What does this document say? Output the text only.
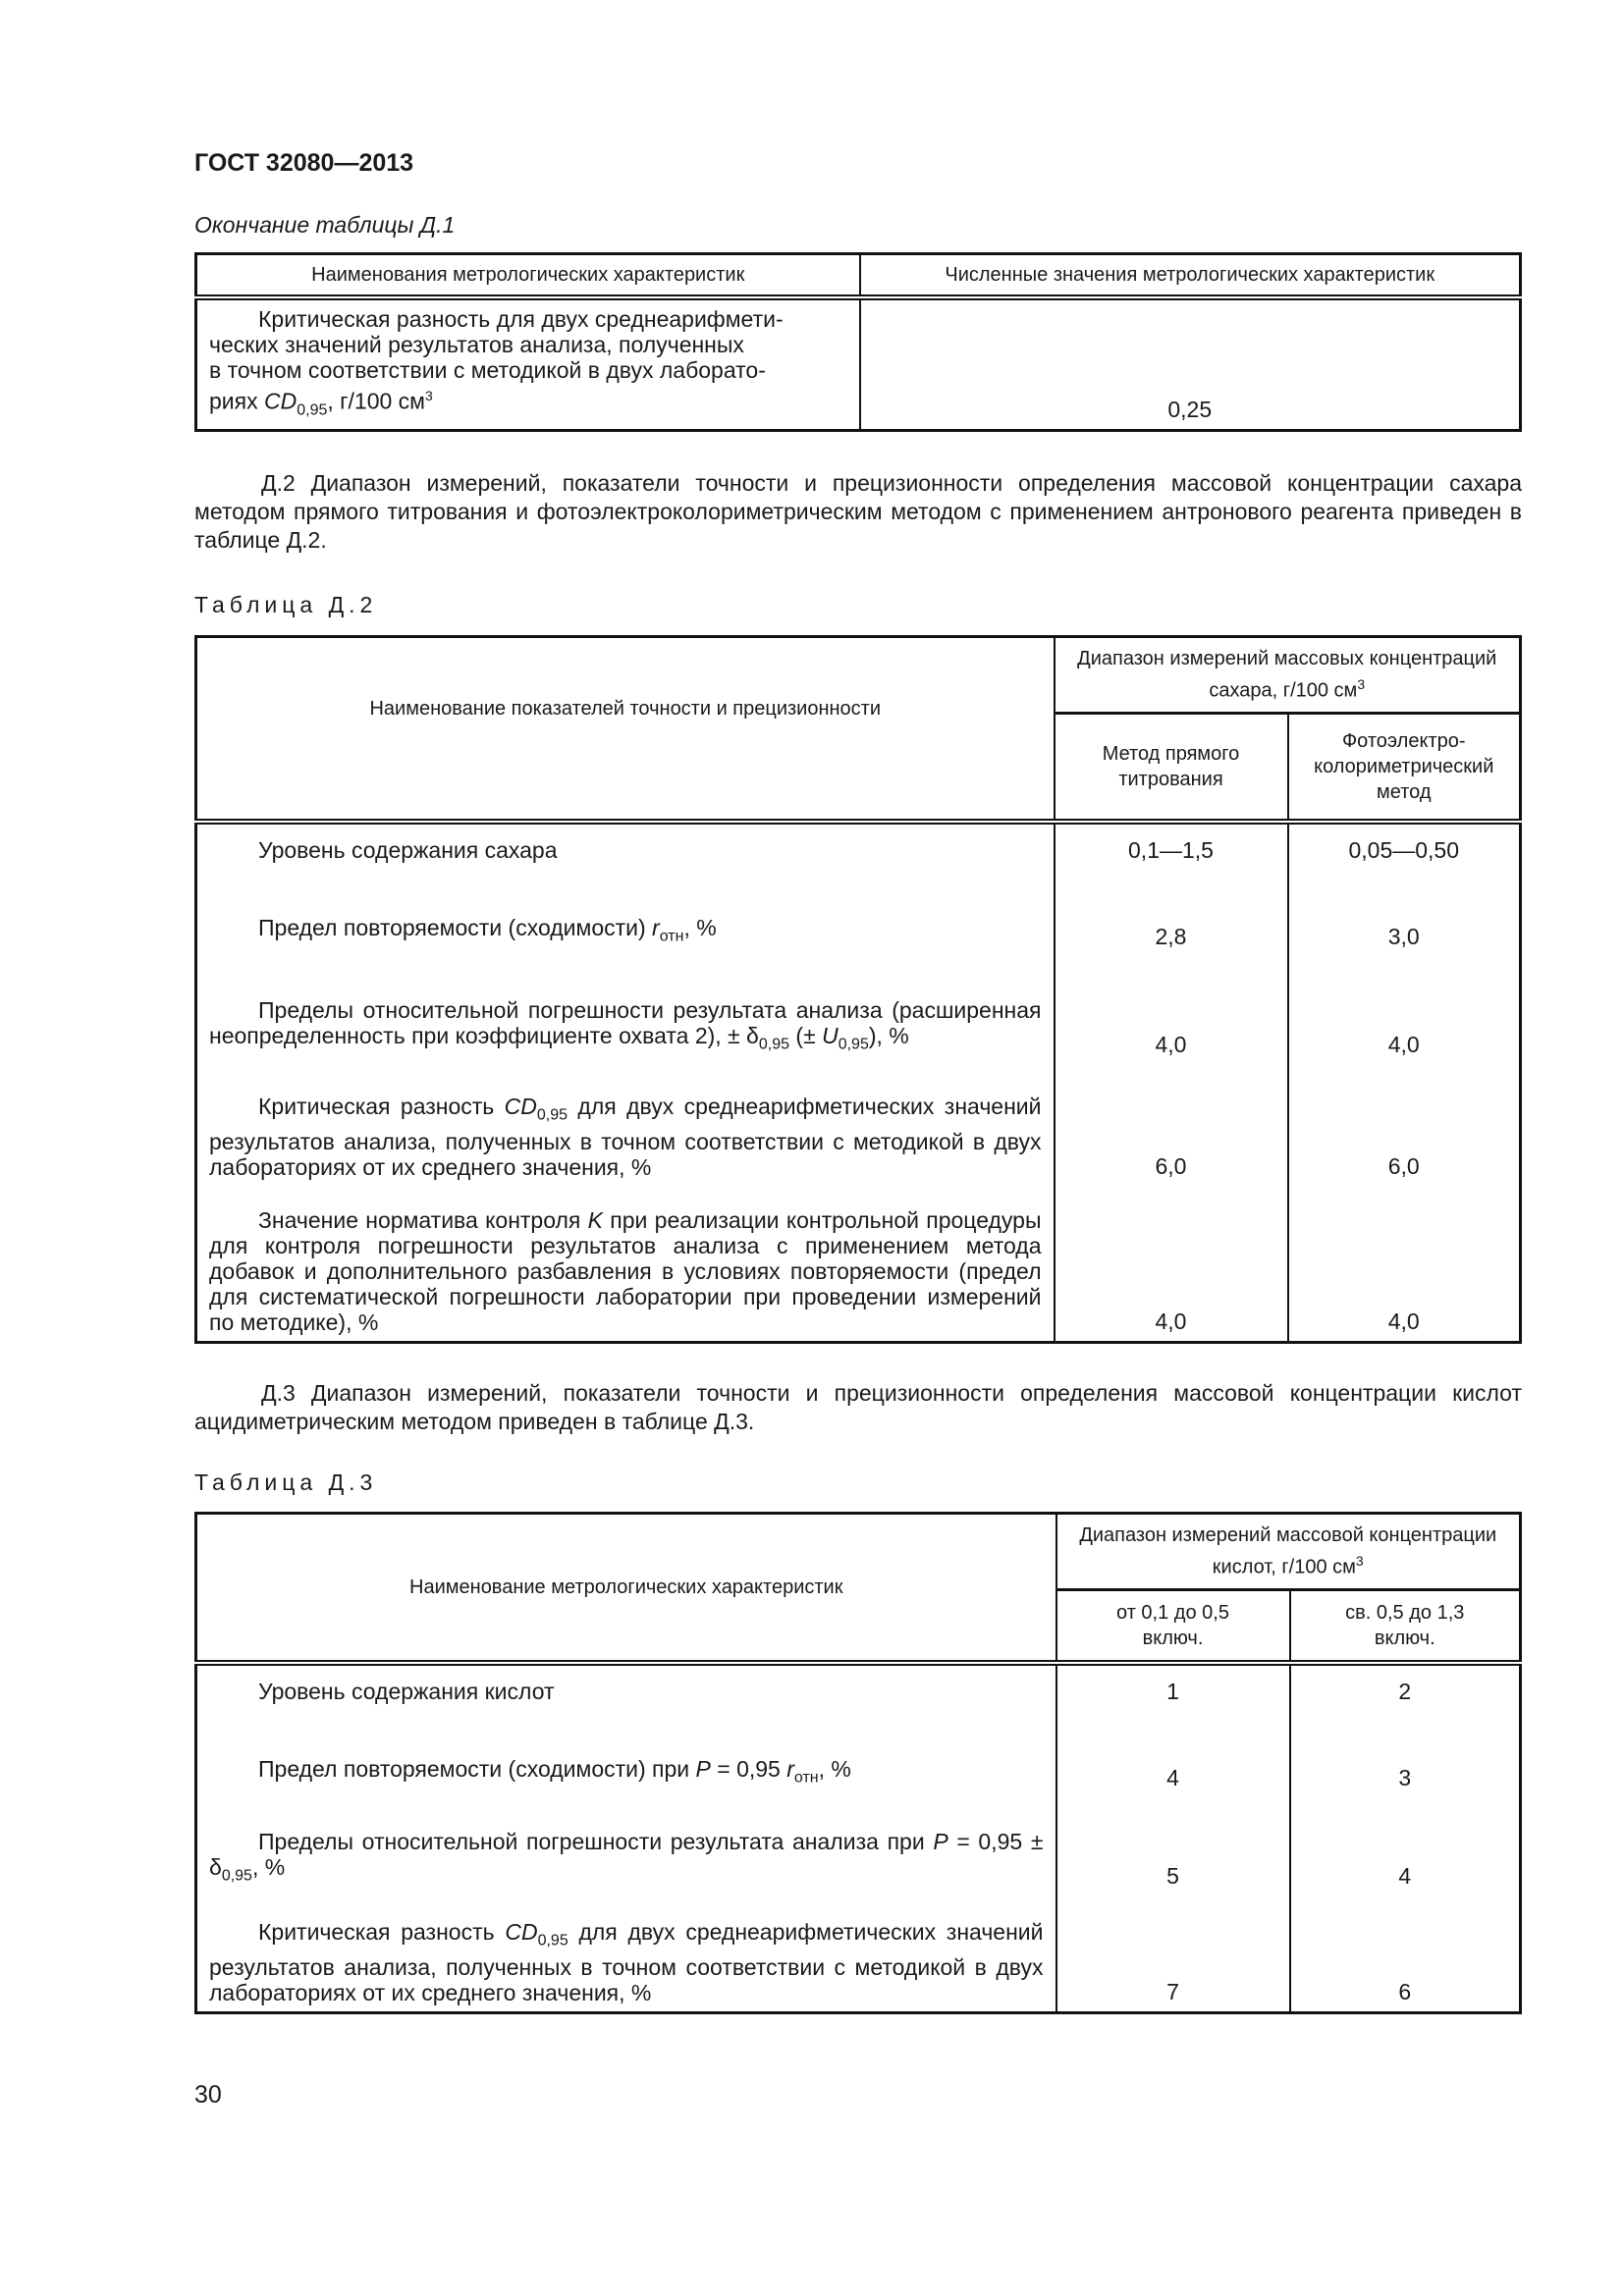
ГОСТ 32080—2013
Окончание таблицы Д.1
Наименования метрологических характеристик	Численные значения метрологических характеристик

Критическая разность для двух среднеарифмети-
ческих значений результатов анализа, полученных
в точном соответствии с методикой в двух лаборато-
риях $CD_{0,95}$, г/100 $см^3$	0,25
Д.2 Диапазон измерений, показатели точности и прецизионности определения массовой концентрации сахара методом прямого титрования и фотоэлектроколориметрическим методом с применением антронового реагента приведен в таблице Д.2.
Таблица Д.2
Наименование показателей точности и прецизионности	Диапазон измерений массовых концентраций сахара, г/100 $см^3$
	Метод прямого титрования	Фотоэлектро-колориметрический метод
Уровень содержания сахара	0,1—1,5	0,05—0,50
Предел повторяемости (сходимости) $r_{отн}$, %	2,8	3,0
Пределы относительной погрешности результата анализа (расширенная неопределенность при коэффициенте охвата 2), ± $\delta_{0,95}$ (± $U_{0,95}$), %	4,0	4,0
Критическая разность $CD_{0,95}$ для двух среднеарифметических значений результатов анализа, полученных в точном соответствии с методикой в двух лабораториях от их среднего значения, %	6,0	6,0
Значение норматива контроля K при реализации контрольной процедуры для контроля погрешности результатов анализа с применением метода добавок и дополнительного разбавления в условиях повторяемости (предел для систематической погрешности лаборатории при проведении измерений по методике), %	4,0	4,0
Д.3 Диапазон измерений, показатели точности и прецизионности определения массовой концентрации кислот ацидиметрическим методом приведен в таблице Д.3.
Таблица Д.3
Наименование метрологических характеристик	Диапазон измерений массовой концентрации кислот, г/100 $см^3$
	от 0,1 до 0,5 включ.	св. 0,5 до 1,3 включ.
Уровень содержания кислот	1	2
Предел повторяемости (сходимости) при P = 0,95 $r_{отн}$, %	4	3
Пределы относительной погрешности результата анализа при $P = 0,95 \pm \delta_{0,95}$, %	5	4
Критическая разность $CD_{0,95}$ для двух среднеарифметических значений результатов анализа, полученных в точном соответствии с методикой в двух лабораториях от их среднего значения, %	7	6
30
